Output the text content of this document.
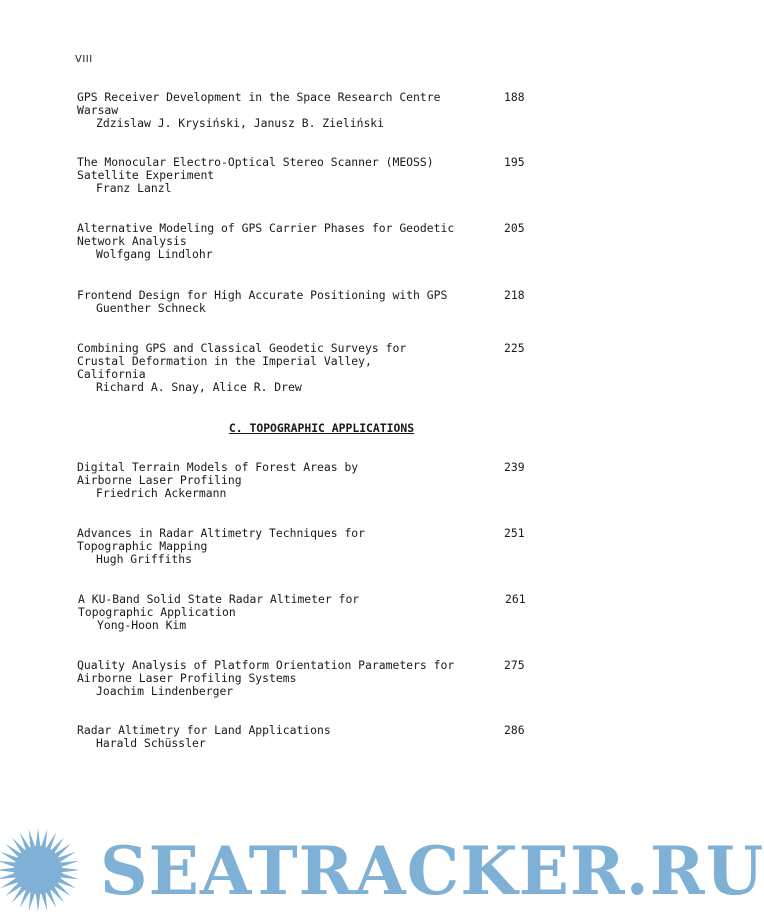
VIII
GPS Receiver Development in the Space Research Centre Warsaw
Zdzislaw J. Krysiński, Janusz B. Zieliński
188
The Monocular Electro-Optical Stereo Scanner (MEOSS) Satellite Experiment
Franz Lanzl
195
Alternative Modeling of GPS Carrier Phases for Geodetic Network Analysis
Wolfgang Lindlohr
205
Frontend Design for High Accurate Positioning with GPS
Guenther Schneck
218
Combining GPS and Classical Geodetic Surveys for Crustal Deformation in the Imperial Valley, California
Richard A. Snay, Alice R. Drew
225
C. TOPOGRAPHIC APPLICATIONS
Digital Terrain Models of Forest Areas by Airborne Laser Profiling
Friedrich Ackermann
239
Advances in Radar Altimetry Techniques for Topographic Mapping
Hugh Griffiths
251
A KU-Band Solid State Radar Altimeter for Topographic Application
Yong-Hoon Kim
261
Quality Analysis of Platform Orientation Parameters for Airborne Laser Profiling Systems
Joachim Lindenberger
275
Radar Altimetry for Land Applications
Harald Schüssler
286
SEATRACKER.RU
